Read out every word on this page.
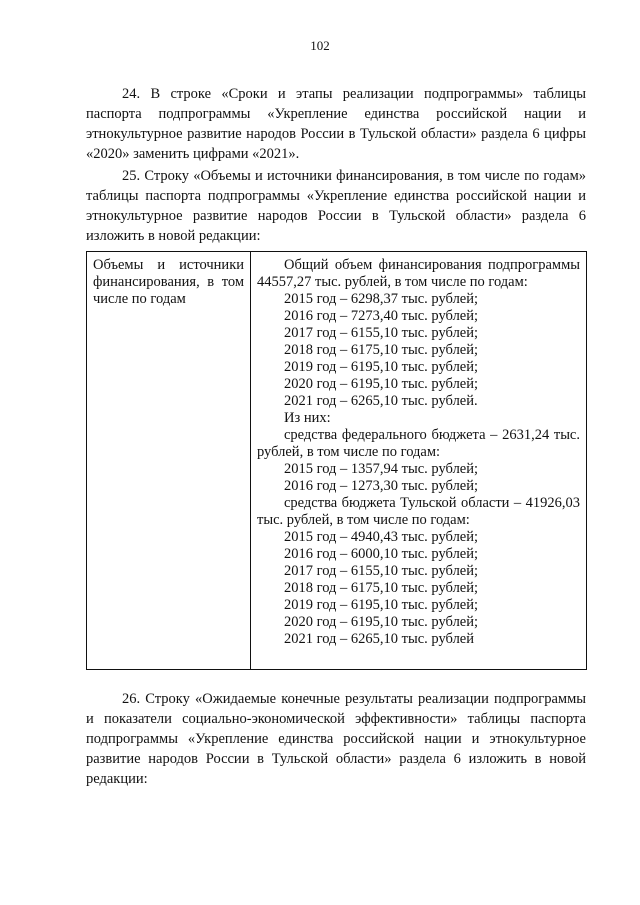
102

24. В строке «Сроки и этапы реализации подпрограммы» таблицы паспорта подпрограммы «Укрепление единства российской нации и этнокультурное развитие народов России в Тульской области» раздела 6 цифры «2020» заменить цифрами «2021».

25. Строку «Объемы и источники финансирования, в том числе по годам» таблицы паспорта подпрограммы «Укрепление единства российской нации и этнокультурное развитие народов России в Тульской области» раздела 6 изложить в новой редакции:

Объемы и источники финансирования, в том числе по годам
Общий объем финансирования подпрограммы 44557,27 тыс. рублей, в том числе по годам:
2015 год – 6298,37 тыс. рублей;
2016 год – 7273,40 тыс. рублей;
2017 год – 6155,10 тыс. рублей;
2018 год – 6175,10 тыс. рублей;
2019 год – 6195,10 тыс. рублей;
2020 год – 6195,10 тыс. рублей;
2021 год – 6265,10 тыс. рублей.
Из них:
средства федерального бюджета – 2631,24 тыс. рублей, в том числе по годам:
2015 год – 1357,94 тыс. рублей;
2016 год – 1273,30 тыс. рублей;
средства бюджета Тульской области – 41926,03 тыс. рублей, в том числе по годам:
2015 год – 4940,43 тыс. рублей;
2016 год – 6000,10 тыс. рублей;
2017 год – 6155,10 тыс. рублей;
2018 год – 6175,10 тыс. рублей;
2019 год – 6195,10 тыс. рублей;
2020 год – 6195,10 тыс. рублей;
2021 год – 6265,10 тыс. рублей

26. Строку «Ожидаемые конечные результаты реализации подпрограммы и показатели социально-экономической эффективности» таблицы паспорта подпрограммы «Укрепление единства российской нации и этнокультурное развитие народов России в Тульской области» раздела 6 изложить в новой редакции:
